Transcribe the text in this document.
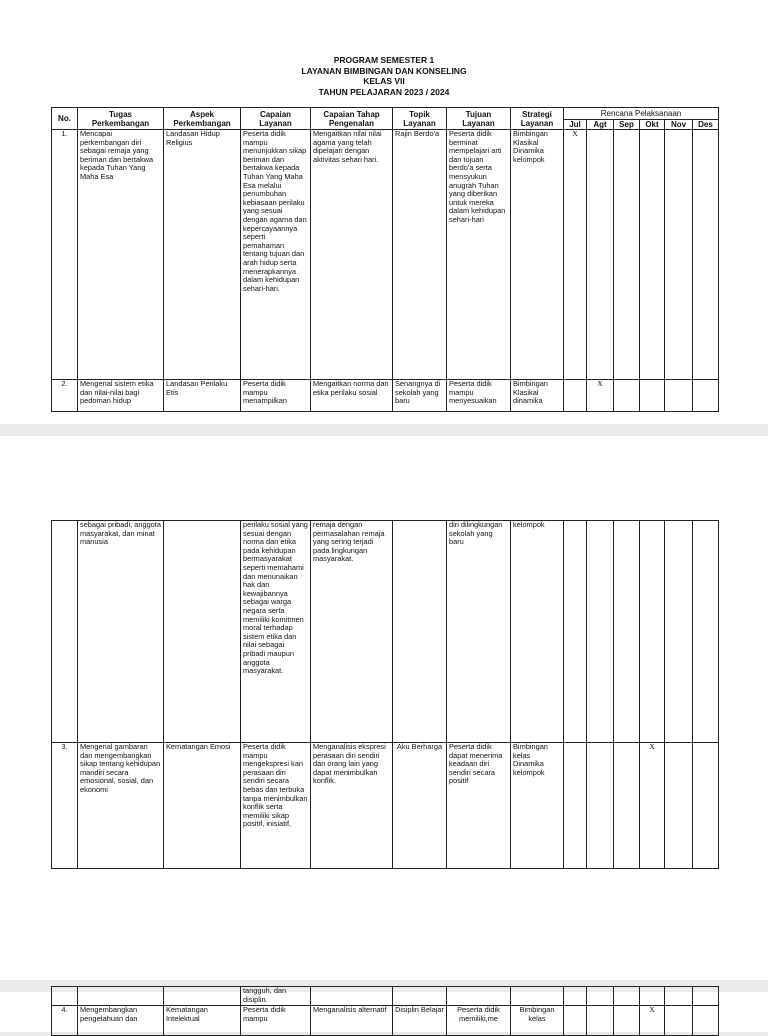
PROGRAM SEMESTER 1
LAYANAN BIMBINGAN DAN KONSELING
KELAS VII
TAHUN PELAJARAN 2023 / 2024
No.	Tugas Perkembangan	Aspek Perkembangan	Capaian Layanan	Capaian Tahap Pengenalan	Topik Layanan	Tujuan Layanan	Strategi Layanan	Rencana Pelaksanaan					
								Jul	Agt	Sep	Okt	Nov	Des
1.	Mencapai perkembangan diri sebagai remaja yang beriman dan bertakwa kepada Tuhan Yang Maha Esa	Landasan Hidup Religius	Peserta didik mampu menunjukkan sikap beriman dan bertakwa kepada Tuhan Yang Maha Esa melalui penumbuhan kebiasaan perilaku yang sesuai dengan agama dan kepercayaannya seperti pemahaman tentang tujuan dan arah hidup serta menerapkannya dalam kehidupan sehari-hari.	Mengaitkan nilai nilai agama yang telah dipelajari dengan aktivitas sehari hari.	Rajin Berdo'a	Peserta didik berminat mempelajari arti dan tujuan berdo'a serta mensyukuri anugrah Tuhan yang diberikan untuk mereka dalam kehidupan sehari-hari	Bimbingan Klasikal Dinamika kelompok	X					
2.	Mengenal sistem etika dan nilai-nilai bagi pedoman hidup	Landasan Perilaku Etis	Peserta didik mampu menampilkan	Mengaitkan norma dan etika perilaku sosial	Senangnya di sekolah yang baru	Peserta didik mampu menyesuaikan	Bimbingan Klasikal dinamika		X				
	sebagai pribadi, anggota masyarakat, dan minat manusia		perilaku sosial yang sesuai dengan norma dan etika pada kehidupan bermasyarakat seperti memahami dan menunaikan hak dan kewajibannya sebagai warga negara serta memiliki komitmen moral terhadap sistem etika dan nilai sebagai pribadi maupun anggota masyarakat.	remaja dengan permasalahan remaja yang sering terjadi pada lingkungan masyarakat.		diri dilingkungan sekolah yang baru	kelompok						
3.	Mengenal gambaran dan mengembangkan sikap tentang kehidupan mandiri secara emosional, sosial, dan ekonomi	Kematangan Emosi	Peserta didik mampu mengekspresi kan perasaan diri sendiri secara bebas dan terbuka tanpa menimbulkan konflik serta memiliki sikap positif, inisiatif,	Menganalisis ekspresi perasaan diri sendiri dan orang lain yang dapat menimbulkan konflik.	Aku Berharga	Peserta didik dapat menerima keadaan diri sendiri secara positif	Bimbingan kelas Dinamika kelompok				X		
			tangguh, dan disiplin.										
4.	Mengembangkan pengetahuan dan	Kematangan Intelektual	Peserta didik mampu	Menganalisis alternatif	Disiplin Belajar	Peserta didik memiliki,me	Bimbingan kelas				X		
